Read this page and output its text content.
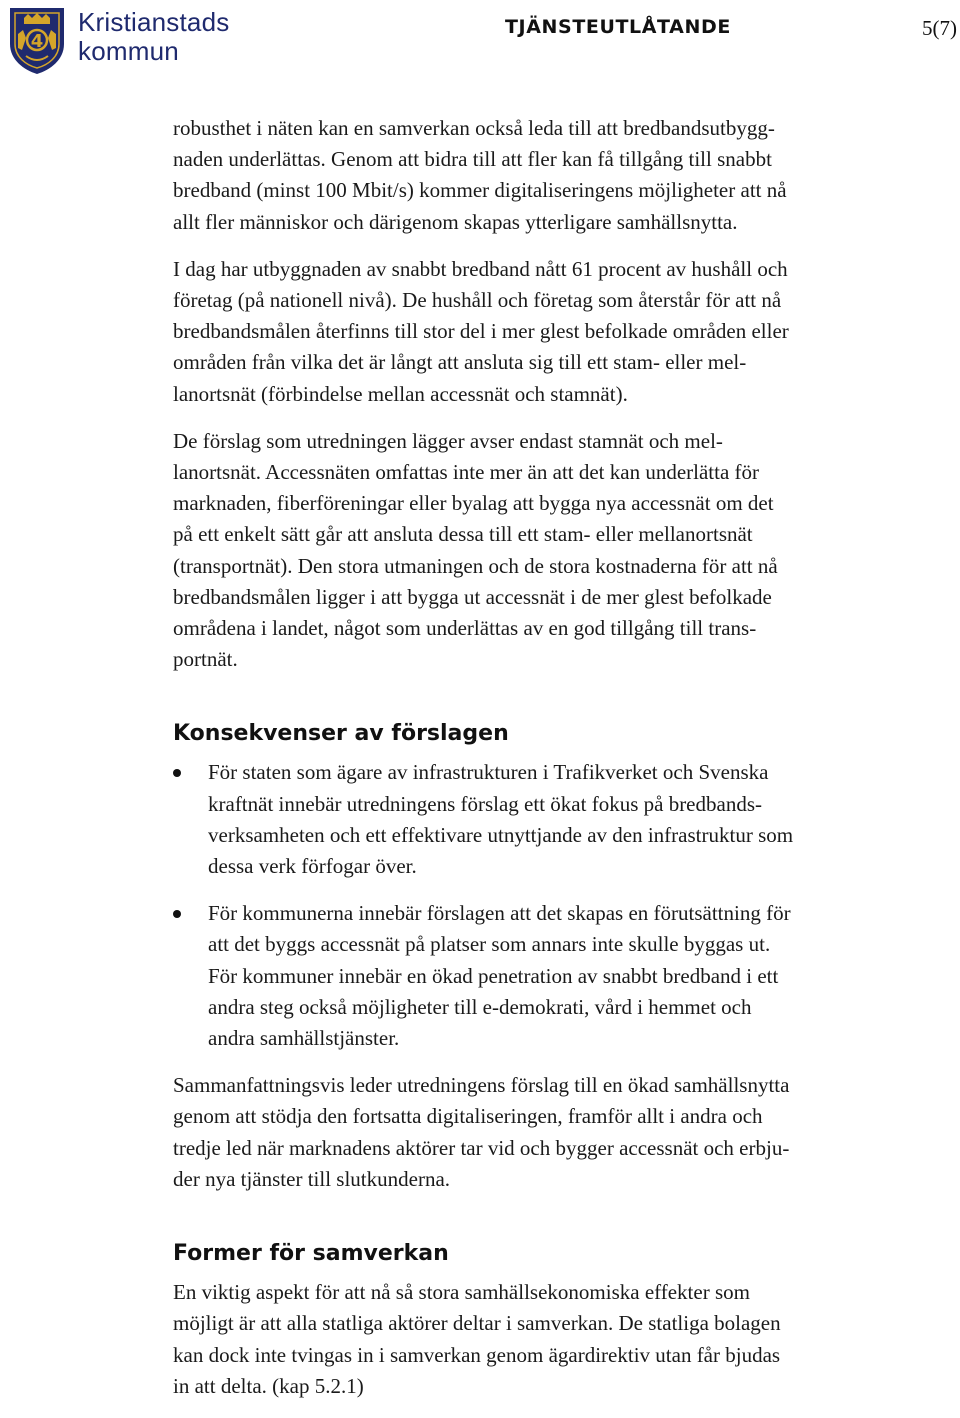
4
Kristianstads
kommun
TJÄNSTEUTLÅTANDE	5(7)
robusthet i näten kan en samverkan också leda till att bredbandsutbygg-
naden underlättas. Genom att bidra till att fler kan få tillgång till snabbt
bredband (minst 100 Mbit/s) kommer digitaliseringens möjligheter att nå
allt fler människor och därigenom skapas ytterligare samhällsnytta.
I dag har utbyggnaden av snabbt bredband nått 61 procent av hushåll och
företag (på nationell nivå). De hushåll och företag som återstår för att nå
bredbandsmålen återfinns till stor del i mer glest befolkade områden eller
områden från vilka det är långt att ansluta sig till ett stam- eller mel-
lanortsnät (förbindelse mellan accessnät och stamnät).
De förslag som utredningen lägger avser endast stamnät och mel-
lanortsnät. Accessnäten omfattas inte mer än att det kan underlätta för
marknaden, fiberföreningar eller byalag att bygga nya accessnät om det
på ett enkelt sätt går att ansluta dessa till ett stam- eller mellanortsnät
(transportnät). Den stora utmaningen och de stora kostnaderna för att nå
bredbandsmålen ligger i att bygga ut accessnät i de mer glest befolkade
områdena i landet, något som underlättas av en god tillgång till trans-
portnät.
Konsekvenser av förslagen
För staten som ägare av infrastrukturen i Trafikverket och Svenska
kraftnät innebär utredningens förslag ett ökat fokus på bredbands-
verksamheten och ett effektivare utnyttjande av den infrastruktur som
dessa verk förfogar över.
För kommunerna innebär förslagen att det skapas en förutsättning för
att det byggs accessnät på platser som annars inte skulle byggas ut.
För kommuner innebär en ökad penetration av snabbt bredband i ett
andra steg också möjligheter till e-demokrati, vård i hemmet och
andra samhällstjänster.
Sammanfattningsvis leder utredningens förslag till en ökad samhällsnytta
genom att stödja den fortsatta digitaliseringen, framför allt i andra och
tredje led när marknadens aktörer tar vid och bygger accessnät och erbju-
der nya tjänster till slutkunderna.
Former för samverkan
En viktig aspekt för att nå så stora samhällsekonomiska effekter som
möjligt är att alla statliga aktörer deltar i samverkan. De statliga bolagen
kan dock inte tvingas in i samverkan genom ägardirektiv utan får bjudas
in att delta. (kap 5.2.1)
